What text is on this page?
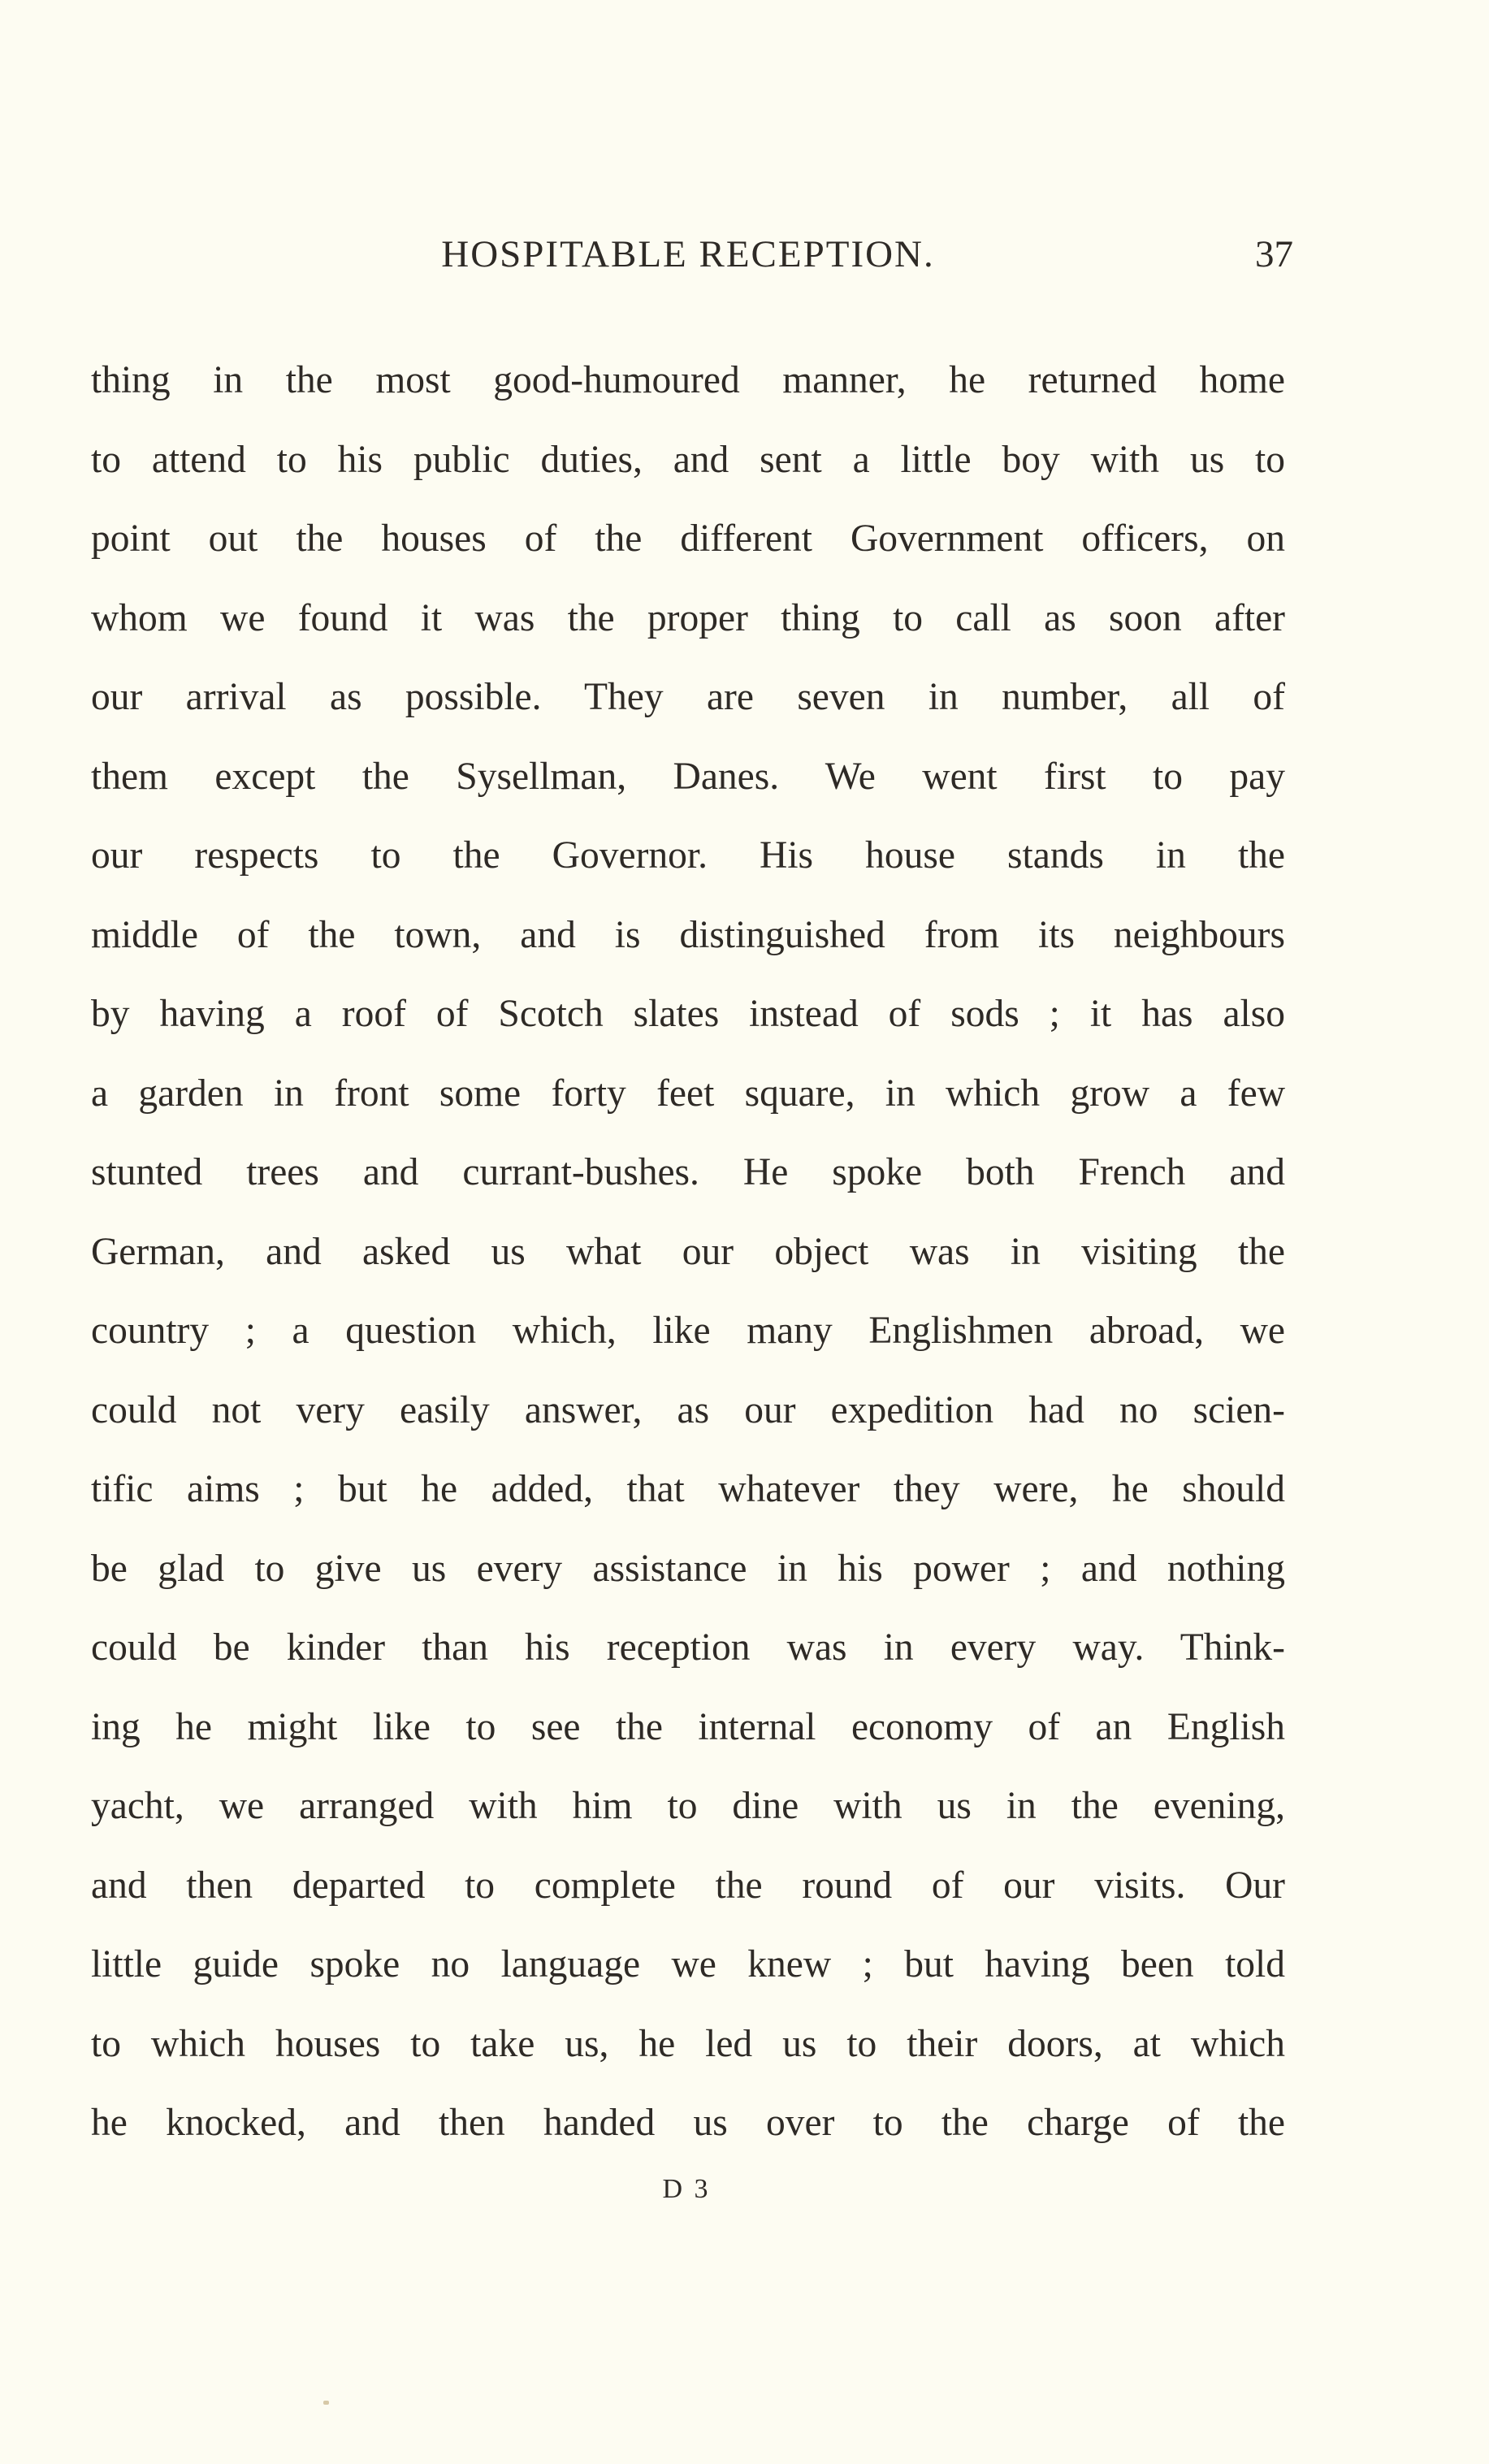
HOSPITABLE RECEPTION.	37
thing in the most good-humoured manner, he returned home
to attend to his public duties, and sent a little boy with us to
point out the houses of the different Government officers, on
whom we found it was the proper thing to call as soon after
our arrival as possible. They are seven in number, all of
them except the Sysellman, Danes. We went first to pay
our respects to the Governor. His house stands in the
middle of the town, and is distinguished from its neighbours
by having a roof of Scotch slates instead of sods ; it has also
a garden in front some forty feet square, in which grow a few
stunted trees and currant-bushes. He spoke both French and
German, and asked us what our object was in visiting the
country ; a question which, like many Englishmen abroad, we
could not very easily answer, as our expedition had no scien-
tific aims ; but he added, that whatever they were, he should
be glad to give us every assistance in his power ; and nothing
could be kinder than his reception was in every way. Think-
ing he might like to see the internal economy of an English
yacht, we arranged with him to dine with us in the evening,
and then departed to complete the round of our visits. Our
little guide spoke no language we knew ; but having been told
to which houses to take us, he led us to their doors, at which
he knocked, and then handed us over to the charge of the
D 3
